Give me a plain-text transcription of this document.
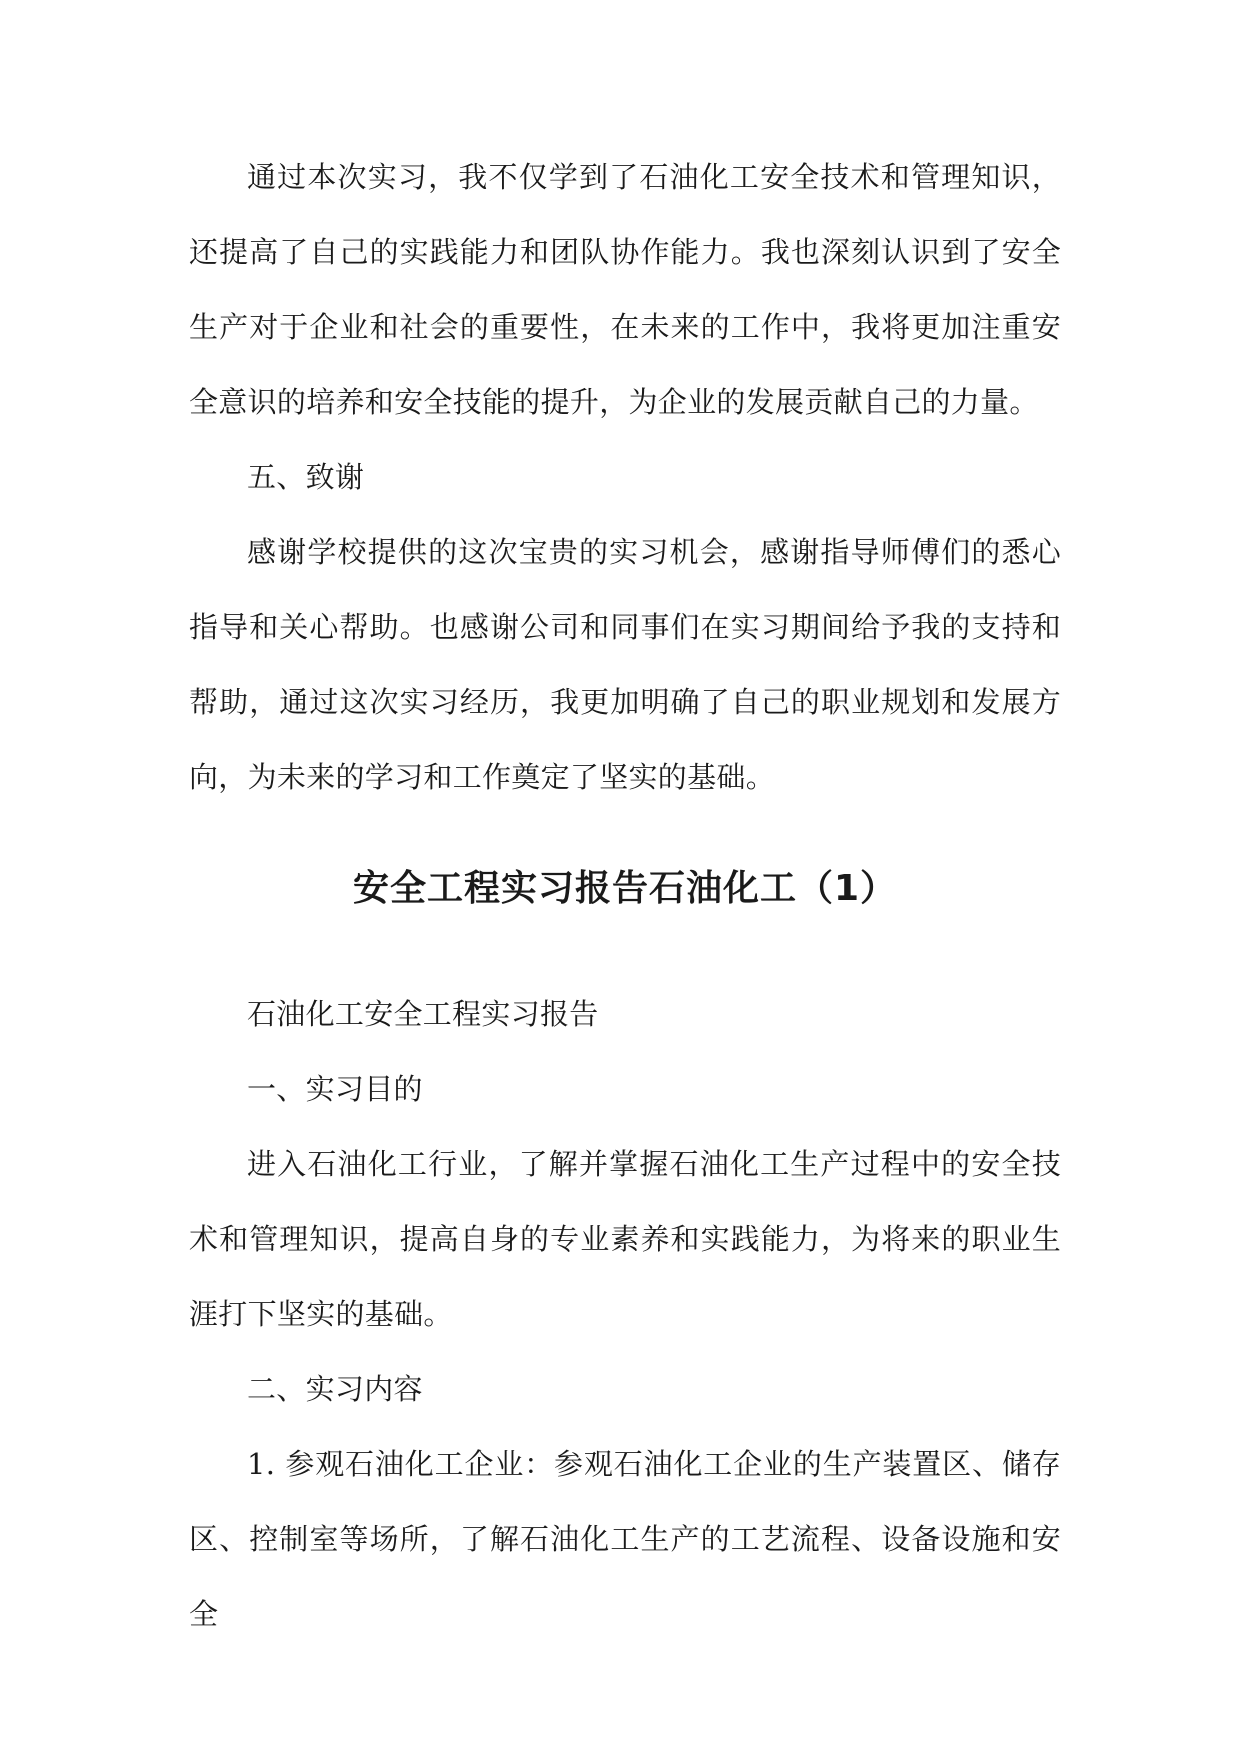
通过本次实习，我不仅学到了石油化工安全技术和管理知识，还提高了自己的实践能力和团队协作能力。我也深刻认识到了安全生产对于企业和社会的重要性，在未来的工作中，我将更加注重安全意识的培养和安全技能的提升，为企业的发展贡献自己的力量。

五、致谢

感谢学校提供的这次宝贵的实习机会，感谢指导师傅们的悉心指导和关心帮助。也感谢公司和同事们在实习期间给予我的支持和帮助，通过这次实习经历，我更加明确了自己的职业规划和发展方向，为未来的学习和工作奠定了坚实的基础。

安全工程实习报告石油化工（1）

石油化工安全工程实习报告

一、实习目的

进入石油化工行业，了解并掌握石油化工生产过程中的安全技术和管理知识，提高自身的专业素养和实践能力，为将来的职业生涯打下坚实的基础。

二、实习内容

1. 参观石油化工企业：参观石油化工企业的生产装置区、储存区、控制室等场所，了解石油化工生产的工艺流程、设备设施和安全
